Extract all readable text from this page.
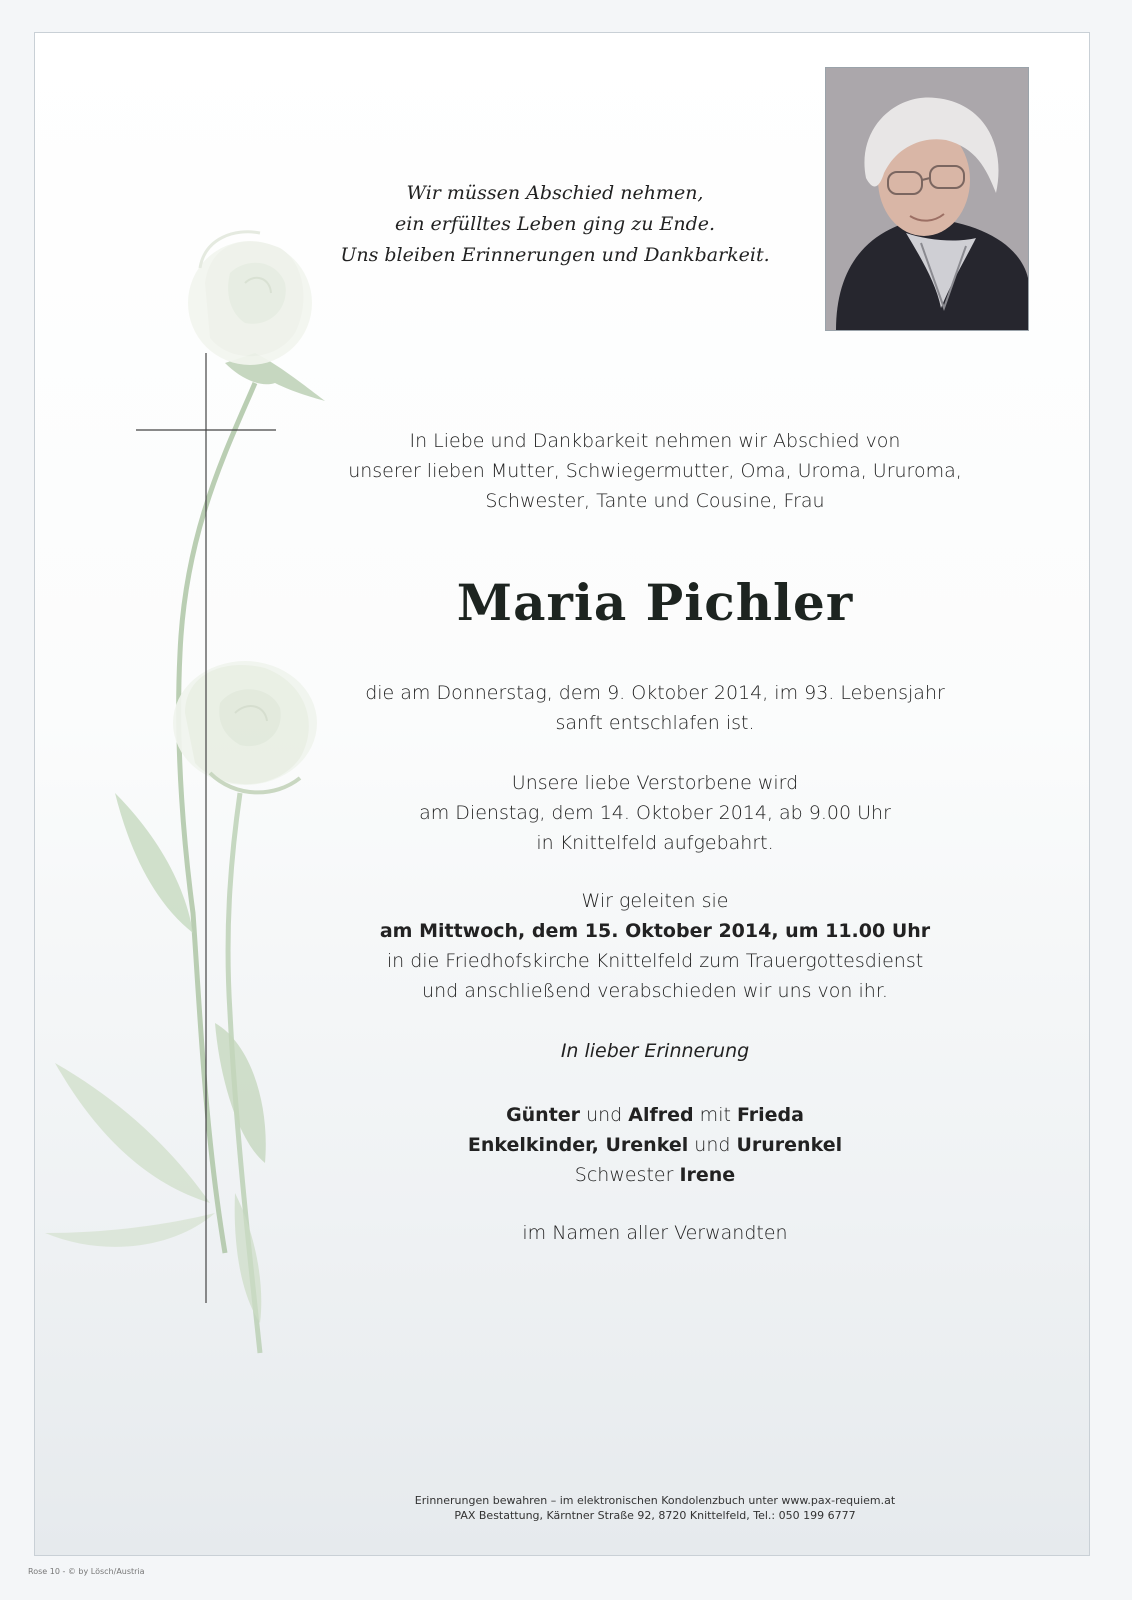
Wir müssen Abschied nehmen,
ein erfülltes Leben ging zu Ende.
Uns bleiben Erinnerungen und Dankbarkeit.
In Liebe und Dankbarkeit nehmen wir Abschied von
unserer lieben Mutter, Schwiegermutter, Oma, Uroma, Ururoma,
Schwester, Tante und Cousine, Frau
Maria Pichler
die am Donnerstag, dem 9. Oktober 2014, im 93. Lebensjahr
sanft entschlafen ist.
Unsere liebe Verstorbene wird
am Dienstag, dem 14. Oktober 2014, ab 9.00 Uhr
in Knittelfeld aufgebahrt.
Wir geleiten sie
am Mittwoch, dem 15. Oktober 2014, um 11.00 Uhr
in die Friedhofskirche Knittelfeld zum Trauergottesdienst
und anschließend verabschieden wir uns von ihr.
In lieber Erinnerung
Günter und Alfred mit Frieda
Enkelkinder, Urenkel und Ururenkel
Schwester Irene
im Namen aller Verwandten
Erinnerungen bewahren – im elektronischen Kondolenzbuch unter www.pax-requiem.at
PAX Bestattung, Kärntner Straße 92, 8720 Knittelfeld, Tel.: 050 199 6777
Rose 10 - © by Lösch/Austria
